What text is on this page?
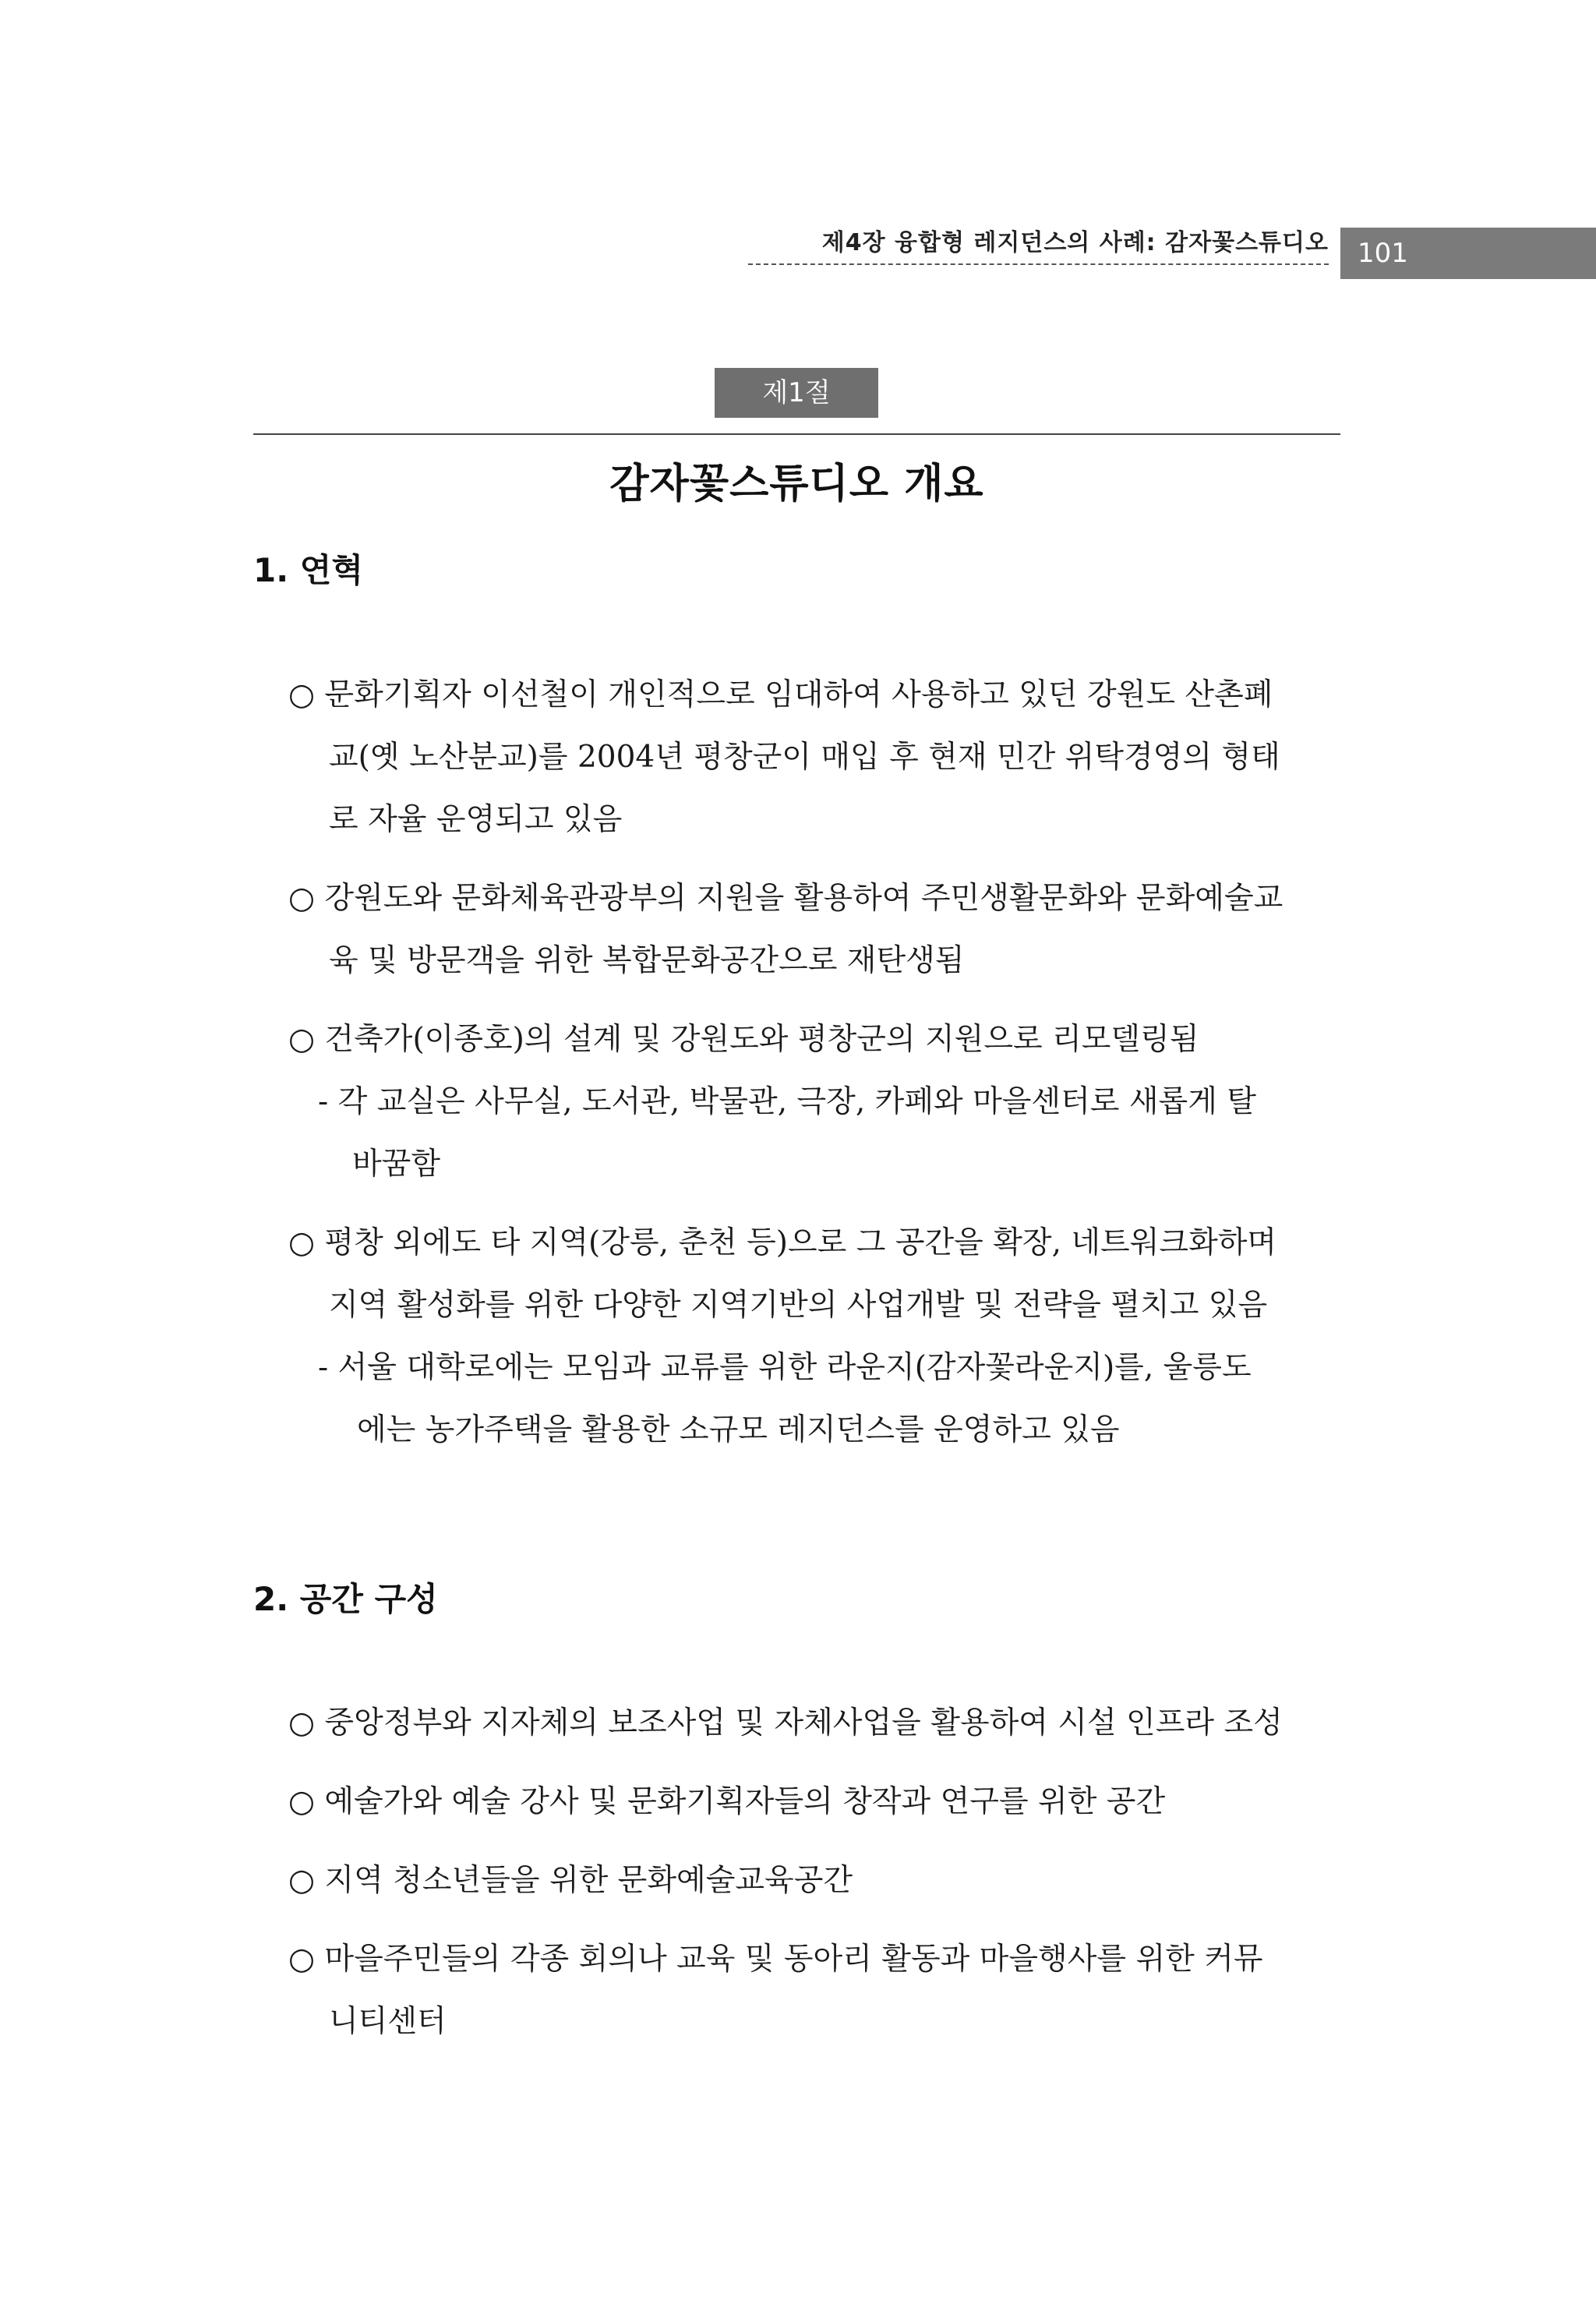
제4장 융합형 레지던스의 사례: 감자꽃스튜디오 101
제1절
감자꽃스튜디오 개요
1. 연혁
○ 문화기획자 이선철이 개인적으로 임대하여 사용하고 있던 강원도 산촌폐
교(옛 노산분교)를 2004년 평창군이 매입 후 현재 민간 위탁경영의 형태
로 자율 운영되고 있음
○ 강원도와 문화체육관광부의 지원을 활용하여 주민생활문화와 문화예술교
육 및 방문객을 위한 복합문화공간으로 재탄생됨
○ 건축가(이종호)의 설계 및 강원도와 평창군의 지원으로 리모델링됨
- 각 교실은 사무실, 도서관, 박물관, 극장, 카페와 마을센터로 새롭게 탈
바꿈함
○ 평창 외에도 타 지역(강릉, 춘천 등)으로 그 공간을 확장, 네트워크화하며
지역 활성화를 위한 다양한 지역기반의 사업개발 및 전략을 펼치고 있음
- 서울 대학로에는 모임과 교류를 위한 라운지(감자꽃라운지)를, 울릉도
에는 농가주택을 활용한 소규모 레지던스를 운영하고 있음
2. 공간 구성
○ 중앙정부와 지자체의 보조사업 및 자체사업을 활용하여 시설 인프라 조성
○ 예술가와 예술 강사 및 문화기획자들의 창작과 연구를 위한 공간
○ 지역 청소년들을 위한 문화예술교육공간
○ 마을주민들의 각종 회의나 교육 및 동아리 활동과 마을행사를 위한 커뮤
니티센터
